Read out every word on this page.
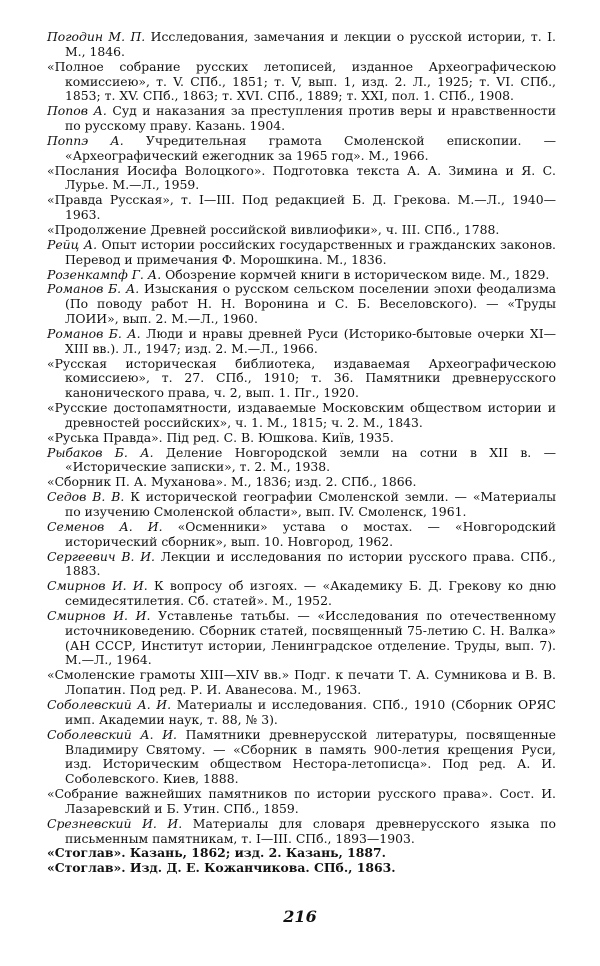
Погодин М. П. Исследования, замечания и лекции о русской истории, т. I. М., 1846.

«Полное собрание русских летописей, изданное Археографическою комиссиею», т. V. СПб., 1851; т. V, вып. 1, изд. 2. Л., 1925; т. VI. СПб., 1853; т. XV. СПб., 1863; т. XVI. СПб., 1889; т. XXI, пол. 1. СПб., 1908.

Попов А. Суд и наказания за преступления против веры и нравственности по русскому праву. Казань. 1904.

Поппэ А. Учредительная грамота Смоленской епископии. — «Археографический ежегодник за 1965 год». М., 1966.

«Послания Иосифа Волоцкого». Подготовка текста А. А. Зимина и Я. С. Лурье. М.—Л., 1959.

«Правда Русская», т. I—III. Под редакцией Б. Д. Грекова. М.—Л., 1940—1963.

«Продолжение Древней российской вивлиофики», ч. III. СПб., 1788.

Рейц А. Опыт истории российских государственных и гражданских законов. Перевод и примечания Ф. Морошкина. М., 1836.

Розенкампф Г. А. Обозрение кормчей книги в историческом виде. М., 1829.

Романов Б. А. Изыскания о русском сельском поселении эпохи феодализма (По поводу работ Н. Н. Воронина и С. Б. Веселовского). — «Труды ЛОИИ», вып. 2. М.—Л., 1960.

Романов Б. А. Люди и нравы древней Руси (Историко-бытовые очерки XI—XIII вв.). Л., 1947; изд. 2. М.—Л., 1966.

«Русская историческая библиотека, издаваемая Археографическою комиссиею», т. 27. СПб., 1910; т. 36. Памятники древнерусского канонического права, ч. 2, вып. 1. Пг., 1920.

«Русские достопамятности, издаваемые Московским обществом истории и древностей российских», ч. 1. М., 1815; ч. 2. М., 1843.

«Руська Правда». Під ред. С. В. Юшкова. Київ, 1935.

Рыбаков Б. А. Деление Новгородской земли на сотни в XII в. — «Исторические записки», т. 2. М., 1938.

«Сборник П. А. Муханова». М., 1836; изд. 2. СПб., 1866.

Седов В. В. К исторической географии Смоленской земли. — «Материалы по изучению Смоленской области», вып. IV. Смоленск, 1961.

Семенов А. И. «Осменники» устава о мостах. — «Новгородский исторический сборник», вып. 10. Новгород, 1962.

Сергеевич В. И. Лекции и исследования по истории русского права. СПб., 1883.

Смирнов И. И. К вопросу об изгоях. — «Академику Б. Д. Грекову ко дню семидесятилетия. Сб. статей». М., 1952.

Смирнов И. И. Уставленье татьбы. — «Исследования по отечественному источниковедению. Сборник статей, посвященный 75-летию С. Н. Валка» (АН СССР, Институт истории, Ленинградское отделение. Труды, вып. 7). М.—Л., 1964.

«Смоленские грамоты XIII—XIV вв.» Подг. к печати Т. А. Сумникова и В. В. Лопатин. Под ред. Р. И. Аванесова. М., 1963.

Соболевский А. И. Материалы и исследования. СПб., 1910 (Сборник ОРЯС имп. Академии наук, т. 88, № 3).

Соболевский А. И. Памятники древнерусской литературы, посвященные Владимиру Святому. — «Сборник в память 900-летия крещения Руси, изд. Историческим обществом Нестора-летописца». Под ред. А. И. Соболевского. Киев, 1888.

«Собрание важнейших памятников по истории русского права». Сост. И. Лазаревский и Б. Утин. СПб., 1859.

Срезневский И. И. Материалы для словаря древнерусского языка по письменным памятникам, т. I—III. СПб., 1893—1903.

«Стоглав». Казань, 1862; изд. 2. Казань, 1887.

«Стоглав». Изд. Д. Е. Кожанчикова. СПб., 1863.

216
